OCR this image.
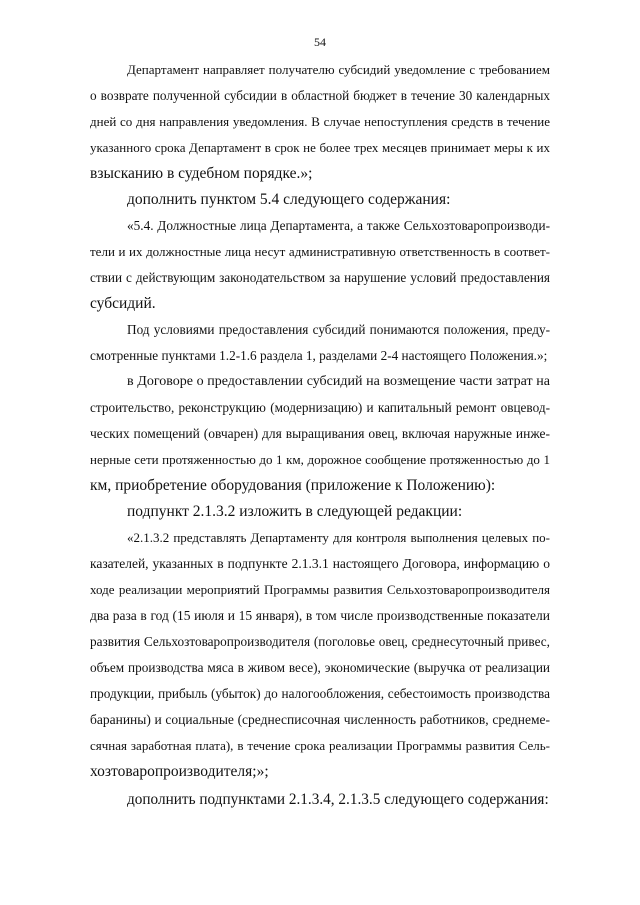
54
Департамент направляет получателю субсидий уведомление с требованием
о возврате полученной субсидии в областной бюджет в течение 30 календарных
дней со дня направления уведомления. В случае непоступления средств в течение
указанного срока Департамент в срок не более трех месяцев принимает меры к их
взысканию в судебном порядке.»;
дополнить пунктом 5.4 следующего содержания:
«5.4. Должностные лица Департамента, а также Сельхозтоваропроизводи-
тели и их должностные лица несут административную ответственность в соответ-
ствии с действующим законодательством за нарушение условий предоставления
субсидий.
Под условиями предоставления субсидий понимаются положения, преду-
смотренные пунктами 1.2-1.6 раздела 1, разделами 2-4 настоящего Положения.»;
в Договоре о предоставлении субсидий на возмещение части затрат на
строительство, реконструкцию (модернизацию) и капитальный ремонт овцевод-
ческих помещений (овчарен) для выращивания овец, включая наружные инже-
нерные сети протяженностью до 1 км, дорожное сообщение протяженностью до 1
км, приобретение оборудования (приложение к Положению):
подпункт 2.1.3.2 изложить в следующей редакции:
«2.1.3.2 представлять Департаменту для контроля выполнения целевых по-
казателей, указанных в подпункте 2.1.3.1 настоящего Договора, информацию о
ходе реализации мероприятий Программы развития Сельхозтоваропроизводителя
два раза в год (15 июля и 15 января), в том числе производственные показатели
развития Сельхозтоваропроизводителя (поголовье овец, среднесуточный привес,
объем производства мяса в живом весе), экономические (выручка от реализации
продукции, прибыль (убыток) до налогообложения, себестоимость производства
баранины) и социальные (среднесписочная численность работников, среднеме-
сячная заработная плата), в течение срока реализации Программы развития Сель-
хозтоваропроизводителя;»;
дополнить подпунктами 2.1.3.4, 2.1.3.5 следующего содержания:
